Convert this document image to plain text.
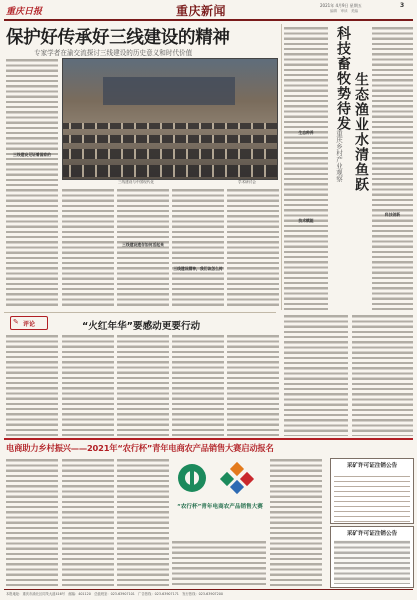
重庆日报	重庆新闻	2021年 4月9日 星期五	3
编辑　审读　美编
保护好传承好三线建设的精神
专家学者在渝交流探讨三线建设的历史意义和时代价值
三线建设见证着国家的
三线建设与中国现代化	学术研讨会
三线建设遗存如何活起来
三线建设精神，我们该怎么传
生态种养
技术赋能
科技畜牧势待发 生态渔业水清鱼跃
重庆乡村产业观察
科技创新
✎ 评论	“火红年华”要感动更要行动
电商助力乡村振兴——2021年“农行杯”青年电商农产品销售大赛启动报名
“农行杯”青年电商农产品销售大赛
采矿许可证注销公告
采矿许可证注销公告
本报地址：重庆市渝北区同茂大道416号　邮编：401120　总值班室：023-63907101　广告热线：023-63907171　发行热线：023-63907200
